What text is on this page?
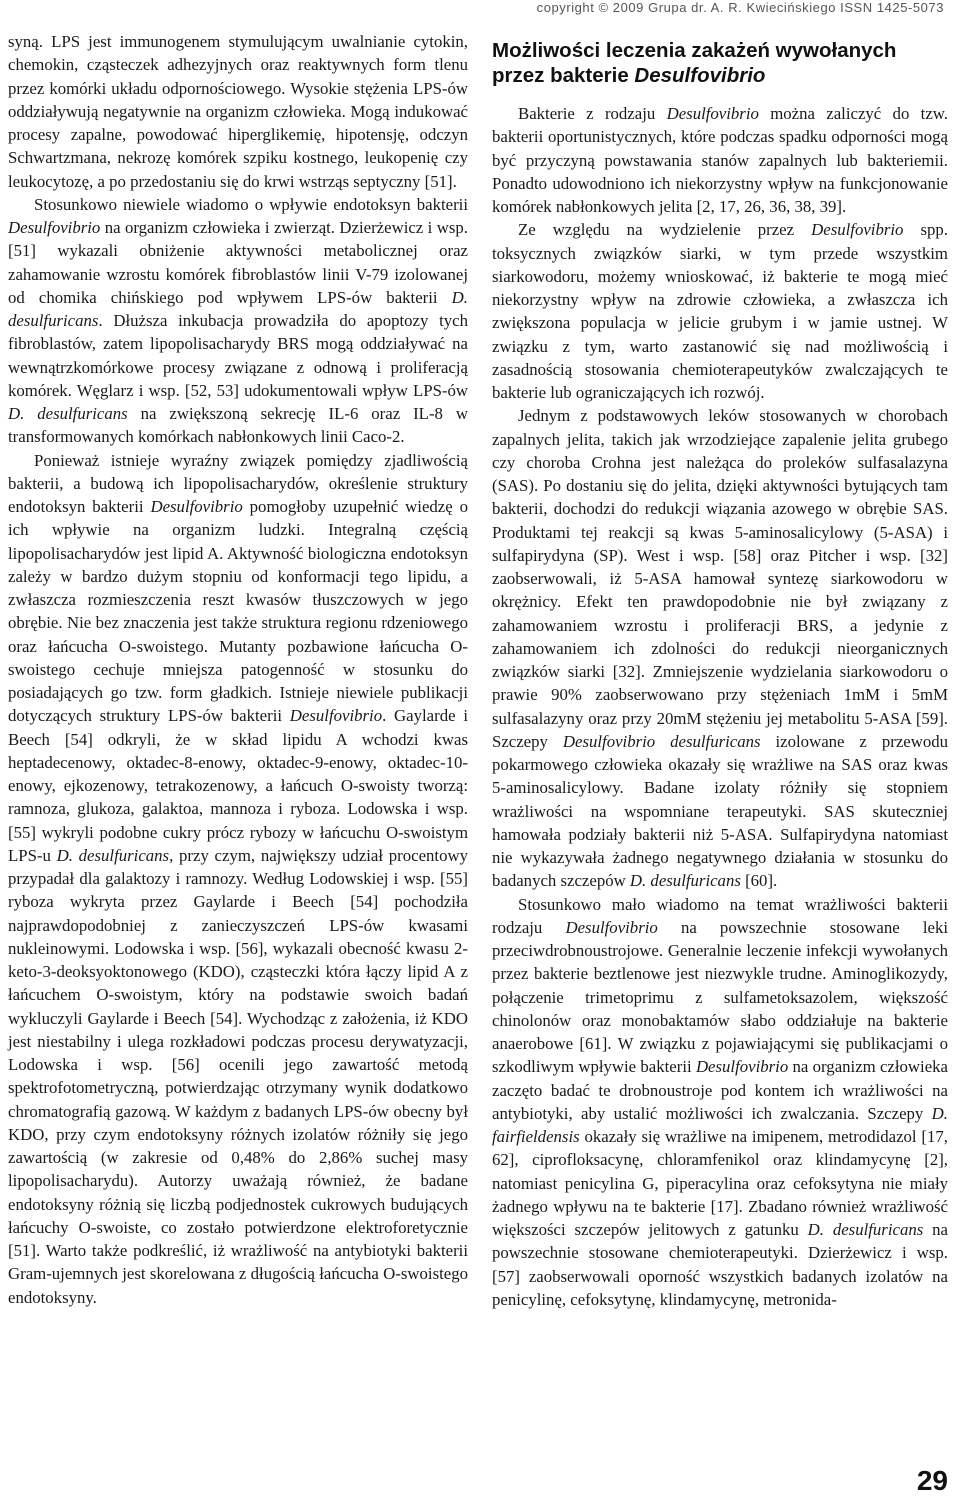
copyright © 2009 Grupa dr. A. R. Kwiecińskiego ISSN 1425-5073

syną. LPS jest immunogenem stymulującym uwalnianie cytokin, chemokin, cząsteczek adhezyjnych oraz reaktywnych form tlenu przez komórki układu odpornościowego. Wysokie stężenia LPS-ów oddziaływują negatywnie na organizm człowieka. Mogą indukować procesy zapalne, powodować hiperglikemię, hipotensję, odczyn Schwartzmana, nekrozę komórek szpiku kostnego, leukopenię czy leukocytozę, a po przedostaniu się do krwi wstrząs septyczny [51].

Stosunkowo niewiele wiadomo o wpływie endotoksyn bakterii Desulfovibrio na organizm człowieka i zwierząt. Dzierżewicz i wsp. [51] wykazali obniżenie aktywności metabolicznej oraz zahamowanie wzrostu komórek fibroblastów linii V-79 izolowanej od chomika chińskiego pod wpływem LPS-ów bakterii D. desulfuricans. Dłuższa inkubacja prowadziła do apoptozy tych fibroblastów, zatem lipopolisacharydy BRS mogą oddziaływać na wewnątrzkomórkowe procesy związane z odnową i proliferacją komórek. Węglarz i wsp. [52, 53] udokumentowali wpływ LPS-ów D. desulfuricans na zwiększoną sekrecję IL-6 oraz IL-8 w transformowanych komórkach nabłonkowych linii Caco-2.

Ponieważ istnieje wyraźny związek pomiędzy zjadliwością bakterii, a budową ich lipopolisacharydów, określenie struktury endotoksyn bakterii Desulfovibrio pomogłoby uzupełnić wiedzę o ich wpływie na organizm ludzki. Integralną częścią lipopolisacharydów jest lipid A. Aktywność biologiczna endotoksyn zależy w bardzo dużym stopniu od konformacji tego lipidu, a zwłaszcza rozmieszczenia reszt kwasów tłuszczowych w jego obrębie. Nie bez znaczenia jest także struktura regionu rdzeniowego oraz łańcucha O-swoistego. Mutanty pozbawione łańcucha O-swoistego cechuje mniejsza patogenność w stosunku do posiadających go tzw. form gładkich. Istnieje niewiele publikacji dotyczących struktury LPS-ów bakterii Desulfovibrio. Gaylarde i Beech [54] odkryli, że w skład lipidu A wchodzi kwas heptadecenowy, oktadec-8-enowy, oktadec-9-enowy, oktadec-10-enowy, ejkozenowy, tetrakozenowy, a łańcuch O-swoisty tworzą: ramnoza, glukoza, galaktoa, mannoza i ryboza. Lodowska i wsp. [55] wykryli podobne cukry prócz rybozy w łańcuchu O-swoistym LPS-u D. desulfuricans, przy czym, największy udział procentowy przypadał dla galaktozy i ramnozy. Według Lodowskiej i wsp. [55] ryboza wykryta przez Gaylarde i Beech [54] pochodziła najprawdopodobniej z zanieczyszczeń LPS-ów kwasami nukleinowymi. Lodowska i wsp. [56], wykazali obecność kwasu 2-keto-3-deoksyoktonowego (KDO), cząsteczki która łączy lipid A z łańcuchem O-swoistym, który na podstawie swoich badań wykluczyli Gaylarde i Beech [54]. Wychodząc z założenia, iż KDO jest niestabilny i ulega rozkładowi podczas procesu derywatyzacji, Lodowska i wsp. [56] ocenili jego zawartość metodą spektrofotometryczną, potwierdzając otrzymany wynik dodatkowo chromatografią gazową. W każdym z badanych LPS-ów obecny był KDO, przy czym endotoksyny różnych izolatów różniły się jego zawartością (w zakresie od 0,48% do 2,86% suchej masy lipopolisacharydu). Autorzy uważają również, że badane endotoksyny różnią się liczbą podjednostek cukrowych budujących łańcuchy O-swoiste, co zostało potwierdzone elektroforetycznie [51]. Warto także podkreślić, iż wrażliwość na antybiotyki bakterii Gram-ujemnych jest skorelowana z długością łańcucha O-swoistego endotoksyny.

Możliwości leczenia zakażeń wywołanych przez bakterie Desulfovibrio

Bakterie z rodzaju Desulfovibrio można zaliczyć do tzw. bakterii oportunistycznych, które podczas spadku odporności mogą być przyczyną powstawania stanów zapalnych lub bakteriemii. Ponadto udowodniono ich niekorzystny wpływ na funkcjonowanie komórek nabłonkowych jelita [2, 17, 26, 36, 38, 39].

Ze względu na wydzielenie przez Desulfovibrio spp. toksycznych związków siarki, w tym przede wszystkim siarkowodoru, możemy wnioskować, iż bakterie te mogą mieć niekorzystny wpływ na zdrowie człowieka, a zwłaszcza ich zwiększona populacja w jelicie grubym i w jamie ustnej. W związku z tym, warto zastanowić się nad możliwością i zasadnością stosowania chemioterapeutyków zwalczających te bakterie lub ograniczających ich rozwój.

Jednym z podstawowych leków stosowanych w chorobach zapalnych jelita, takich jak wrzodziejące zapalenie jelita grubego czy choroba Crohna jest należąca do proleków sulfasalazyna (SAS). Po dostaniu się do jelita, dzięki aktywności bytujących tam bakterii, dochodzi do redukcji wiązania azowego w obrębie SAS. Produktami tej reakcji są kwas 5-aminosalicylowy (5-ASA) i sulfapirydyna (SP). West i wsp. [58] oraz Pitcher i wsp. [32] zaobserwowali, iż 5-ASA hamował syntezę siarkowodoru w okrężnicy. Efekt ten prawdopodobnie nie był związany z zahamowaniem wzrostu i proliferacji BRS, a jedynie z zahamowaniem ich zdolności do redukcji nieorganicznych związków siarki [32]. Zmniejszenie wydzielania siarkowodoru o prawie 90% zaobserwowano przy stężeniach 1mM i 5mM sulfasalazyny oraz przy 20mM stężeniu jej metabolitu 5-ASA [59]. Szczepy Desulfovibrio desulfuricans izolowane z przewodu pokarmowego człowieka okazały się wrażliwe na SAS oraz kwas 5-aminosalicylowy. Badane izolaty różniły się stopniem wrażliwości na wspomniane terapeutyki. SAS skuteczniej hamowała podziały bakterii niż 5-ASA. Sulfapirydyna natomiast nie wykazywała żadnego negatywnego działania w stosunku do badanych szczepów D. desulfuricans [60].

Stosunkowo mało wiadomo na temat wrażliwości bakterii rodzaju Desulfovibrio na powszechnie stosowane leki przeciwdrobnoustrojowe. Generalnie leczenie infekcji wywołanych przez bakterie beztlenowe jest niezwykle trudne. Aminoglikozydy, połączenie trimetoprimu z sulfametoksazolem, większość chinolonów oraz monobaktamów słabo oddziałuje na bakterie anaerobowe [61]. W związku z pojawiającymi się publikacjami o szkodliwym wpływie bakterii Desulfovibrio na organizm człowieka zaczęto badać te drobnoustroje pod kontem ich wrażliwości na antybiotyki, aby ustalić możliwości ich zwalczania. Szczepy D. fairfieldensis okazały się wrażliwe na imipenem, metrodidazol [17, 62], ciprofloksacynę, chloramfenikol oraz klindamycynę [2], natomiast penicylina G, piperacylina oraz cefoksytyna nie miały żadnego wpływu na te bakterie [17]. Zbadano również wrażliwość większości szczepów jelitowych z gatunku D. desulfuricans na powszechnie stosowane chemioterapeutyki. Dzierżewicz i wsp. [57] zaobserwowali oporność wszystkich badanych izolatów na penicylinę, cefoksytynę, klindamycynę, metronida-

29
